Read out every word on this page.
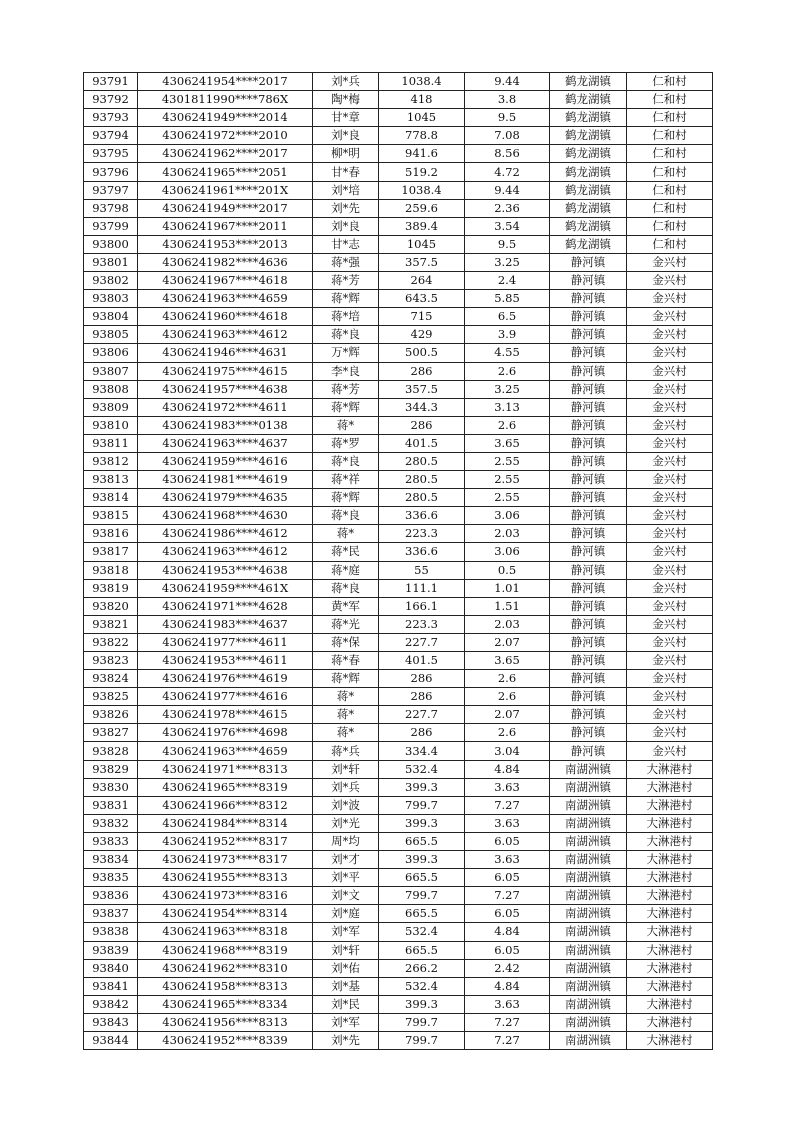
93791	4306241954****2017	刘*兵	1038.4	9.44	鹤龙湖镇	仁和村
93792	4301811990****786X	陶*梅	418	3.8	鹤龙湖镇	仁和村
93793	4306241949****2014	甘*章	1045	9.5	鹤龙湖镇	仁和村
93794	4306241972****2010	刘*良	778.8	7.08	鹤龙湖镇	仁和村
93795	4306241962****2017	柳*明	941.6	8.56	鹤龙湖镇	仁和村
93796	4306241965****2051	甘*春	519.2	4.72	鹤龙湖镇	仁和村
93797	4306241961****201X	刘*培	1038.4	9.44	鹤龙湖镇	仁和村
93798	4306241949****2017	刘*先	259.6	2.36	鹤龙湖镇	仁和村
93799	4306241967****2011	刘*良	389.4	3.54	鹤龙湖镇	仁和村
93800	4306241953****2013	甘*志	1045	9.5	鹤龙湖镇	仁和村
93801	4306241982****4636	蒋*强	357.5	3.25	静河镇	金兴村
93802	4306241967****4618	蒋*芳	264	2.4	静河镇	金兴村
93803	4306241963****4659	蒋*辉	643.5	5.85	静河镇	金兴村
93804	4306241960****4618	蒋*培	715	6.5	静河镇	金兴村
93805	4306241963****4612	蒋*良	429	3.9	静河镇	金兴村
93806	4306241946****4631	万*辉	500.5	4.55	静河镇	金兴村
93807	4306241975****4615	李*良	286	2.6	静河镇	金兴村
93808	4306241957****4638	蒋*芳	357.5	3.25	静河镇	金兴村
93809	4306241972****4611	蒋*辉	344.3	3.13	静河镇	金兴村
93810	4306241983****0138	蒋*	286	2.6	静河镇	金兴村
93811	4306241963****4637	蒋*罗	401.5	3.65	静河镇	金兴村
93812	4306241959****4616	蒋*良	280.5	2.55	静河镇	金兴村
93813	4306241981****4619	蒋*祥	280.5	2.55	静河镇	金兴村
93814	4306241979****4635	蒋*辉	280.5	2.55	静河镇	金兴村
93815	4306241968****4630	蒋*良	336.6	3.06	静河镇	金兴村
93816	4306241986****4612	蒋*	223.3	2.03	静河镇	金兴村
93817	4306241963****4612	蒋*民	336.6	3.06	静河镇	金兴村
93818	4306241953****4638	蒋*庭	55	0.5	静河镇	金兴村
93819	4306241959****461X	蒋*良	111.1	1.01	静河镇	金兴村
93820	4306241971****4628	黄*军	166.1	1.51	静河镇	金兴村
93821	4306241983****4637	蒋*光	223.3	2.03	静河镇	金兴村
93822	4306241977****4611	蒋*保	227.7	2.07	静河镇	金兴村
93823	4306241953****4611	蒋*春	401.5	3.65	静河镇	金兴村
93824	4306241976****4619	蒋*辉	286	2.6	静河镇	金兴村
93825	4306241977****4616	蒋*	286	2.6	静河镇	金兴村
93826	4306241978****4615	蒋*	227.7	2.07	静河镇	金兴村
93827	4306241976****4698	蒋*	286	2.6	静河镇	金兴村
93828	4306241963****4659	蒋*兵	334.4	3.04	静河镇	金兴村
93829	4306241971****8313	刘*轩	532.4	4.84	南湖洲镇	大淋港村
93830	4306241965****8319	刘*兵	399.3	3.63	南湖洲镇	大淋港村
93831	4306241966****8312	刘*波	799.7	7.27	南湖洲镇	大淋港村
93832	4306241984****8314	刘*光	399.3	3.63	南湖洲镇	大淋港村
93833	4306241952****8317	周*均	665.5	6.05	南湖洲镇	大淋港村
93834	4306241973****8317	刘*才	399.3	3.63	南湖洲镇	大淋港村
93835	4306241955****8313	刘*平	665.5	6.05	南湖洲镇	大淋港村
93836	4306241973****8316	刘*文	799.7	7.27	南湖洲镇	大淋港村
93837	4306241954****8314	刘*庭	665.5	6.05	南湖洲镇	大淋港村
93838	4306241963****8318	刘*军	532.4	4.84	南湖洲镇	大淋港村
93839	4306241968****8319	刘*轩	665.5	6.05	南湖洲镇	大淋港村
93840	4306241962****8310	刘*佑	266.2	2.42	南湖洲镇	大淋港村
93841	4306241958****8313	刘*基	532.4	4.84	南湖洲镇	大淋港村
93842	4306241965****8334	刘*民	399.3	3.63	南湖洲镇	大淋港村
93843	4306241956****8313	刘*军	799.7	7.27	南湖洲镇	大淋港村
93844	4306241952****8339	刘*先	799.7	7.27	南湖洲镇	大淋港村
